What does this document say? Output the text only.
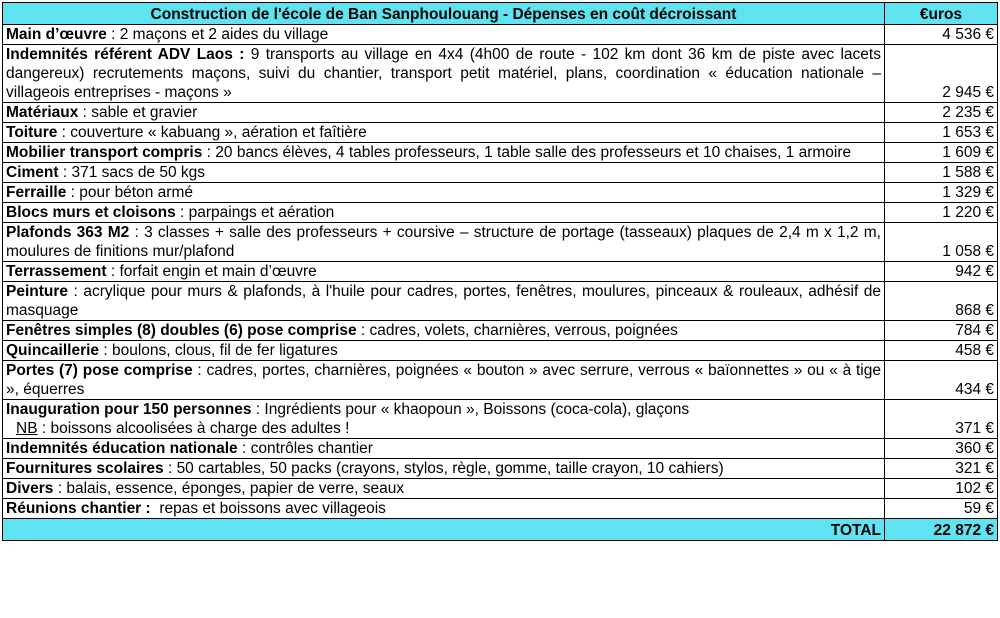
Construction de l'école de Ban Sanphoulouang - Dépenses en coût décroissant	€uros
Main d’œuvre : 2 maçons et 2 aides du village	4 536 €
Indemnités référent ADV Laos : 9 transports au village en 4x4 (4h00 de route - 102 km dont 36 km de piste avec lacets dangereux) recrutements maçons, suivi du chantier, transport petit matériel, plans, coordination « éducation nationale – villageois entreprises - maçons »	2 945 €
Matériaux : sable et gravier	2 235 €
Toiture : couverture « kabuang », aération et faîtière	1 653 €
Mobilier transport compris : 20 bancs élèves, 4 tables professeurs, 1 table salle des professeurs et 10 chaises, 1 armoire	1 609 €
Ciment : 371 sacs de 50 kgs	1 588 €
Ferraille : pour béton armé	1 329 €
Blocs murs et cloisons : parpaings et aération	1 220 €
Plafonds 363 M2 : 3 classes + salle des professeurs + coursive – structure de portage (tasseaux) plaques de 2,4 m x 1,2 m, moulures de finitions mur/plafond	1 058 €
Terrassement : forfait engin et main d’œuvre	942 €
Peinture : acrylique pour murs & plafonds, à l'huile pour cadres, portes, fenêtres, moulures, pinceaux & rouleaux, adhésif de masquage	868 €
Fenêtres simples (8) doubles (6) pose comprise : cadres, volets, charnières, verrous, poignées	784 €
Quincaillerie : boulons, clous, fil de fer ligatures	458 €
Portes (7) pose comprise : cadres, portes, charnières, poignées « bouton » avec serrure, verrous « baïonnettes » ou « à tige », équerres	434 €
Inauguration pour 150 personnes : Ingrédients pour « khaopoun », Boissons (coca-cola), glaçons
NB : boissons alcoolisées à charge des adultes !	371 €
Indemnités éducation nationale : contrôles chantier	360 €
Fournitures scolaires : 50 cartables, 50 packs (crayons, stylos, règle, gomme, taille crayon, 10 cahiers)	321 €
Divers : balais, essence, éponges, papier de verre, seaux	102 €
Réunions chantier : repas et boissons avec villageois	59 €
TOTAL	22 872 €
